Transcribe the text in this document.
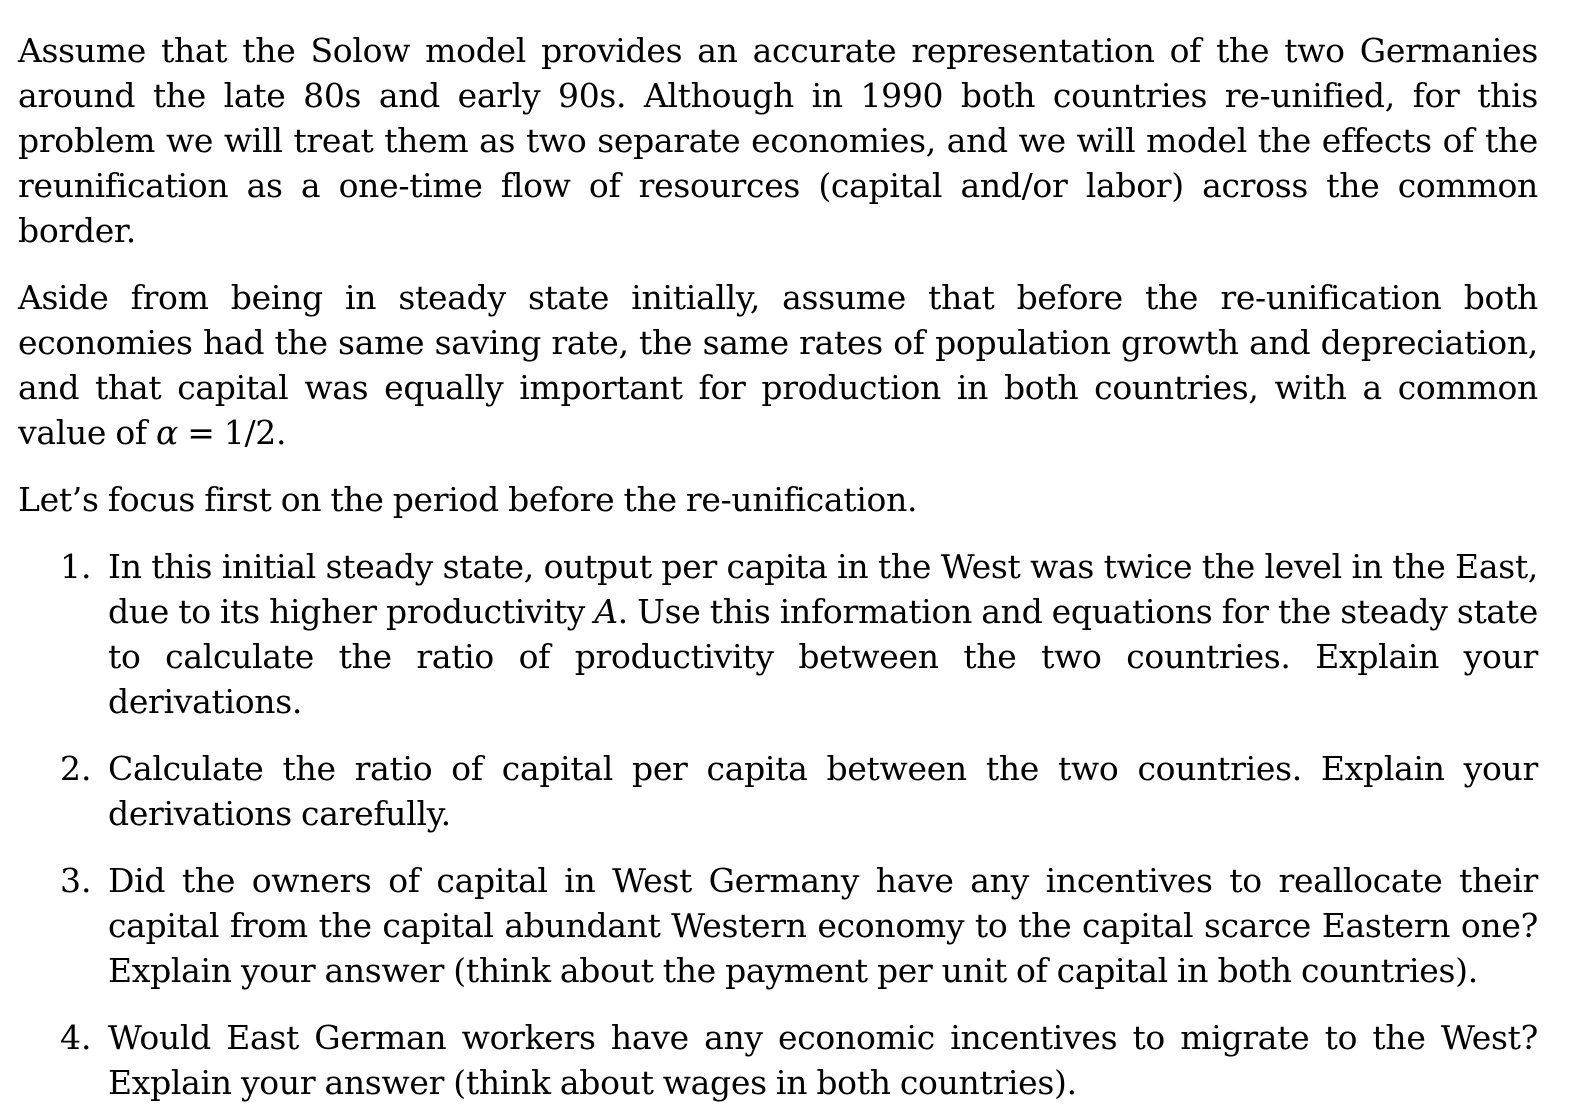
Assume that the Solow model provides an accurate representation of the two Germanies around the late 80s and early 90s. Although in 1990 both countries re-unified, for this problem we will treat them as two separate economies, and we will model the effects of the reunification as a one-time flow of resources (capital and/or labor) across the common border.

Aside from being in steady state initially, assume that before the re-unification both economies had the same saving rate, the same rates of population growth and depreciation, and that capital was equally important for production in both countries, with a common value of α = 1/2.

Let’s focus first on the period before the re-unification.

1. In this initial steady state, output per capita in the West was twice the level in the East, due to its higher productivity A. Use this information and equations for the steady state to calculate the ratio of productivity between the two countries. Explain your derivations.
2. Calculate the ratio of capital per capita between the two countries. Explain your derivations carefully.
3. Did the owners of capital in West Germany have any incentives to reallocate their capital from the capital abundant Western economy to the capital scarce Eastern one? Explain your answer (think about the payment per unit of capital in both countries).
4. Would East German workers have any economic incentives to migrate to the West? Explain your answer (think about wages in both countries).
